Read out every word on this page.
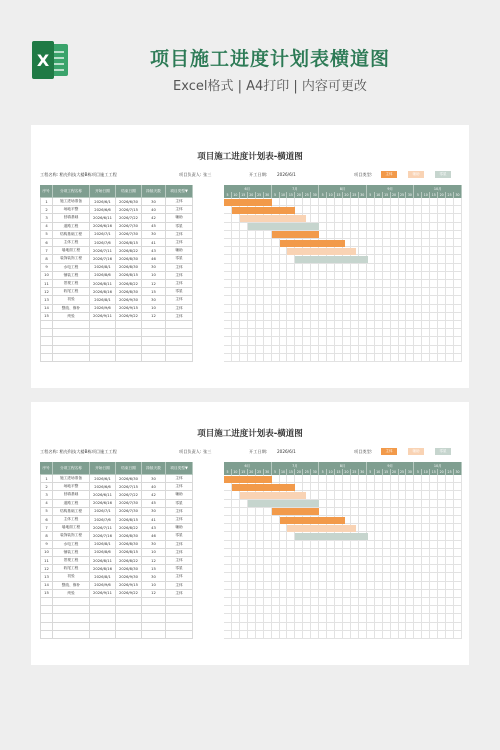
X	项目施工进度计划表横道图
Excel格式 | A4打印 | 内容可更改
项目施工进度计划表-横道图
工程名称: 稻壳科技大楼B栋项目施工工程	项目负责人: 张三	开工日期: 2026/6/1	项目类型:	主体	辅助	零星
序号	分项工程名称	开始日期	结束日期	持续天数	项目类型▼	6月	7月	8月	9月	10月
5	10	15	20	25	30	5	10	15	20	25	30	5	10	15	20	25	30	5	10	15	20	25	30	5	10	15	20	25	30
1	施工进场准备	2026/6/1	2026/6/30	30	主体
2	场地平整	2026/6/6	2026/7/15	40	主体
3	回填基础	2026/6/11	2026/7/22	42	辅助
4	道路工程	2026/6/16	2026/7/30	45	零星
5	结构基础工程	2026/7/1	2026/7/30	30	主体
6	主体工程	2026/7/6	2026/8/15	41	主体
7	墙地面工程	2026/7/11	2026/8/22	43	辅助
8	装饰装饰工程	2026/7/16	2026/8/30	46	零星
9	水电工程	2026/8/1	2026/8/30	30	主体
10	铺装工程	2026/8/6	2026/8/15	10	主体
11	景观工程	2026/8/11	2026/8/22	12	主体
12	收尾工程	2026/8/16	2026/8/30	15	零星
13	初验	2026/8/1	2026/9/30	30	主体
14	整改、修补	2026/9/6	2026/9/15	10	主体
15	终验	2026/9/11	2026/9/22	12	主体
项目施工进度计划表-横道图
工程名称: 稻壳科技大楼B栋项目施工工程	项目负责人: 张三	开工日期: 2026/6/1	项目类型:	主体	辅助	零星
序号	分项工程名称	开始日期	结束日期	持续天数	项目类型▼	6月	7月	8月	9月	10月
5	10	15	20	25	30	5	10	15	20	25	30	5	10	15	20	25	30	5	10	15	20	25	30	5	10	15	20	25	30
1	施工进场准备	2026/6/1	2026/6/30	30	主体
2	场地平整	2026/6/6	2026/7/15	40	主体
3	回填基础	2026/6/11	2026/7/22	42	辅助
4	道路工程	2026/6/16	2026/7/30	45	零星
5	结构基础工程	2026/7/1	2026/7/30	30	主体
6	主体工程	2026/7/6	2026/8/15	41	主体
7	墙地面工程	2026/7/11	2026/8/22	43	辅助
8	装饰装饰工程	2026/7/16	2026/8/30	46	零星
9	水电工程	2026/8/1	2026/8/30	30	主体
10	铺装工程	2026/8/6	2026/8/15	10	主体
11	景观工程	2026/8/11	2026/8/22	12	主体
12	收尾工程	2026/8/16	2026/8/30	15	零星
13	初验	2026/8/1	2026/9/30	30	主体
14	整改、修补	2026/9/6	2026/9/15	10	主体
15	终验	2026/9/11	2026/9/22	12	主体
